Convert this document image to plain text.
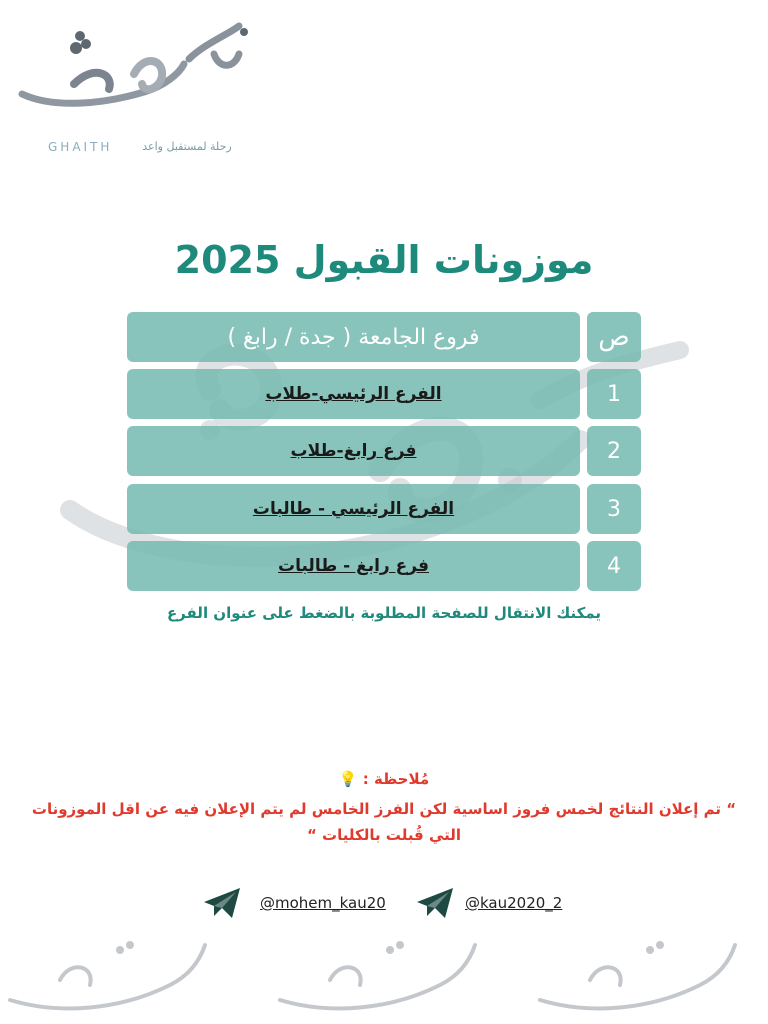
GHAITH	رحلة لمستقبل واعد
موزونات القبول 2025
فروع الجامعة ( جدة / رابغ )	ص
الفرع الرئيسي-طلاب	1
فرع رابغ-طلاب	2
الفرع الرئيسي - طالبات	3
فرع رابغ - طالبات	4
يمكنك الانتقال للصفحة المطلوبة بالضغط على عنوان الفرع
مُلاحظة : 💡
“ تم إعلان النتائج لخمس فروز اساسية لكن الفرز الخامس لم يتم الإعلان فيه عن اقل الموزونات التي قُبلت بالكليات “
@mohem_kau20	@kau2020_2
